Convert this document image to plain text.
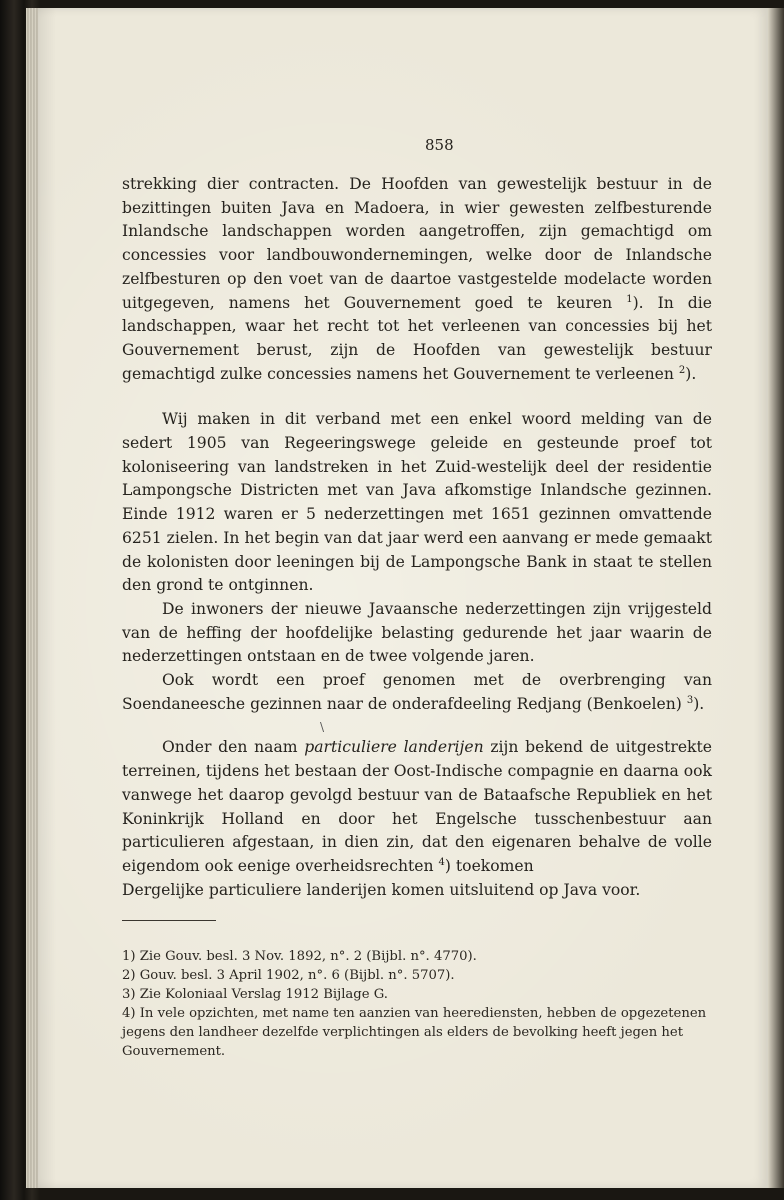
858

strekking dier contracten. De Hoofden van gewestelijk bestuur in de bezittingen buiten Java en Madoera, in wier gewesten zelfbesturende Inlandsche landschappen worden aangetroffen, zijn gemachtigd om concessies voor landbouwondernemingen, welke door de Inlandsche zelfbesturen op den voet van de daartoe vastgestelde modelacte worden uitgegeven, namens het Gouvernement goed te keuren $^1$). In die landschappen, waar het recht tot het verleenen van concessies bij het Gouvernement berust, zijn de Hoofden van gewestelijk bestuur gemachtigd zulke concessies namens het Gouvernement te verleenen $^2$).

Wij maken in dit verband met een enkel woord melding van de sedert 1905 van Regeeringswege geleide en gesteunde proef tot koloniseering van landstreken in het Zuid-westelijk deel der residentie Lampongsche Districten met van Java afkomstige Inlandsche gezinnen. Einde 1912 waren er 5 nederzettingen met 1651 gezinnen omvattende 6251 zielen. In het begin van dat jaar werd een aanvang er mede gemaakt de kolonisten door leeningen bij de Lampongsche Bank in staat te stellen den grond te ontginnen.

De inwoners der nieuwe Javaansche nederzettingen zijn vrijgesteld van de heffing der hoofdelijke belasting gedurende het jaar waarin de nederzettingen ontstaan en de twee volgende jaren.

Ook wordt een proef genomen met de overbrenging van Soendaneesche gezinnen naar de onderafdeeling Redjang (Benkoelen) $^3$).

\

Onder den naam particuliere landerijen zijn bekend de uitgestrekte terreinen, tijdens het bestaan der Oost-Indische compagnie en daarna ook vanwege het daarop gevolgd bestuur van de Bataafsche Republiek en het Koninkrijk Holland en door het Engelsche tusschenbestuur aan particulieren afgestaan, in dien zin, dat den eigenaren behalve de volle eigendom ook eenige overheidsrechten $^4$) toekomen

Dergelijke particuliere landerijen komen uitsluitend op Java voor.

1) Zie Gouv. besl. 3 Nov. 1892, n°. 2 (Bijbl. n°. 4770).

2) Gouv. besl. 3 April 1902, n°. 6 (Bijbl. n°. 5707).

3) Zie Koloniaal Verslag 1912 Bijlage G.

4) In vele opzichten, met name ten aanzien van heerediensten, hebben de opgezetenen jegens den landheer dezelfde verplichtingen als elders de bevolking heeft jegen het Gouvernement.
